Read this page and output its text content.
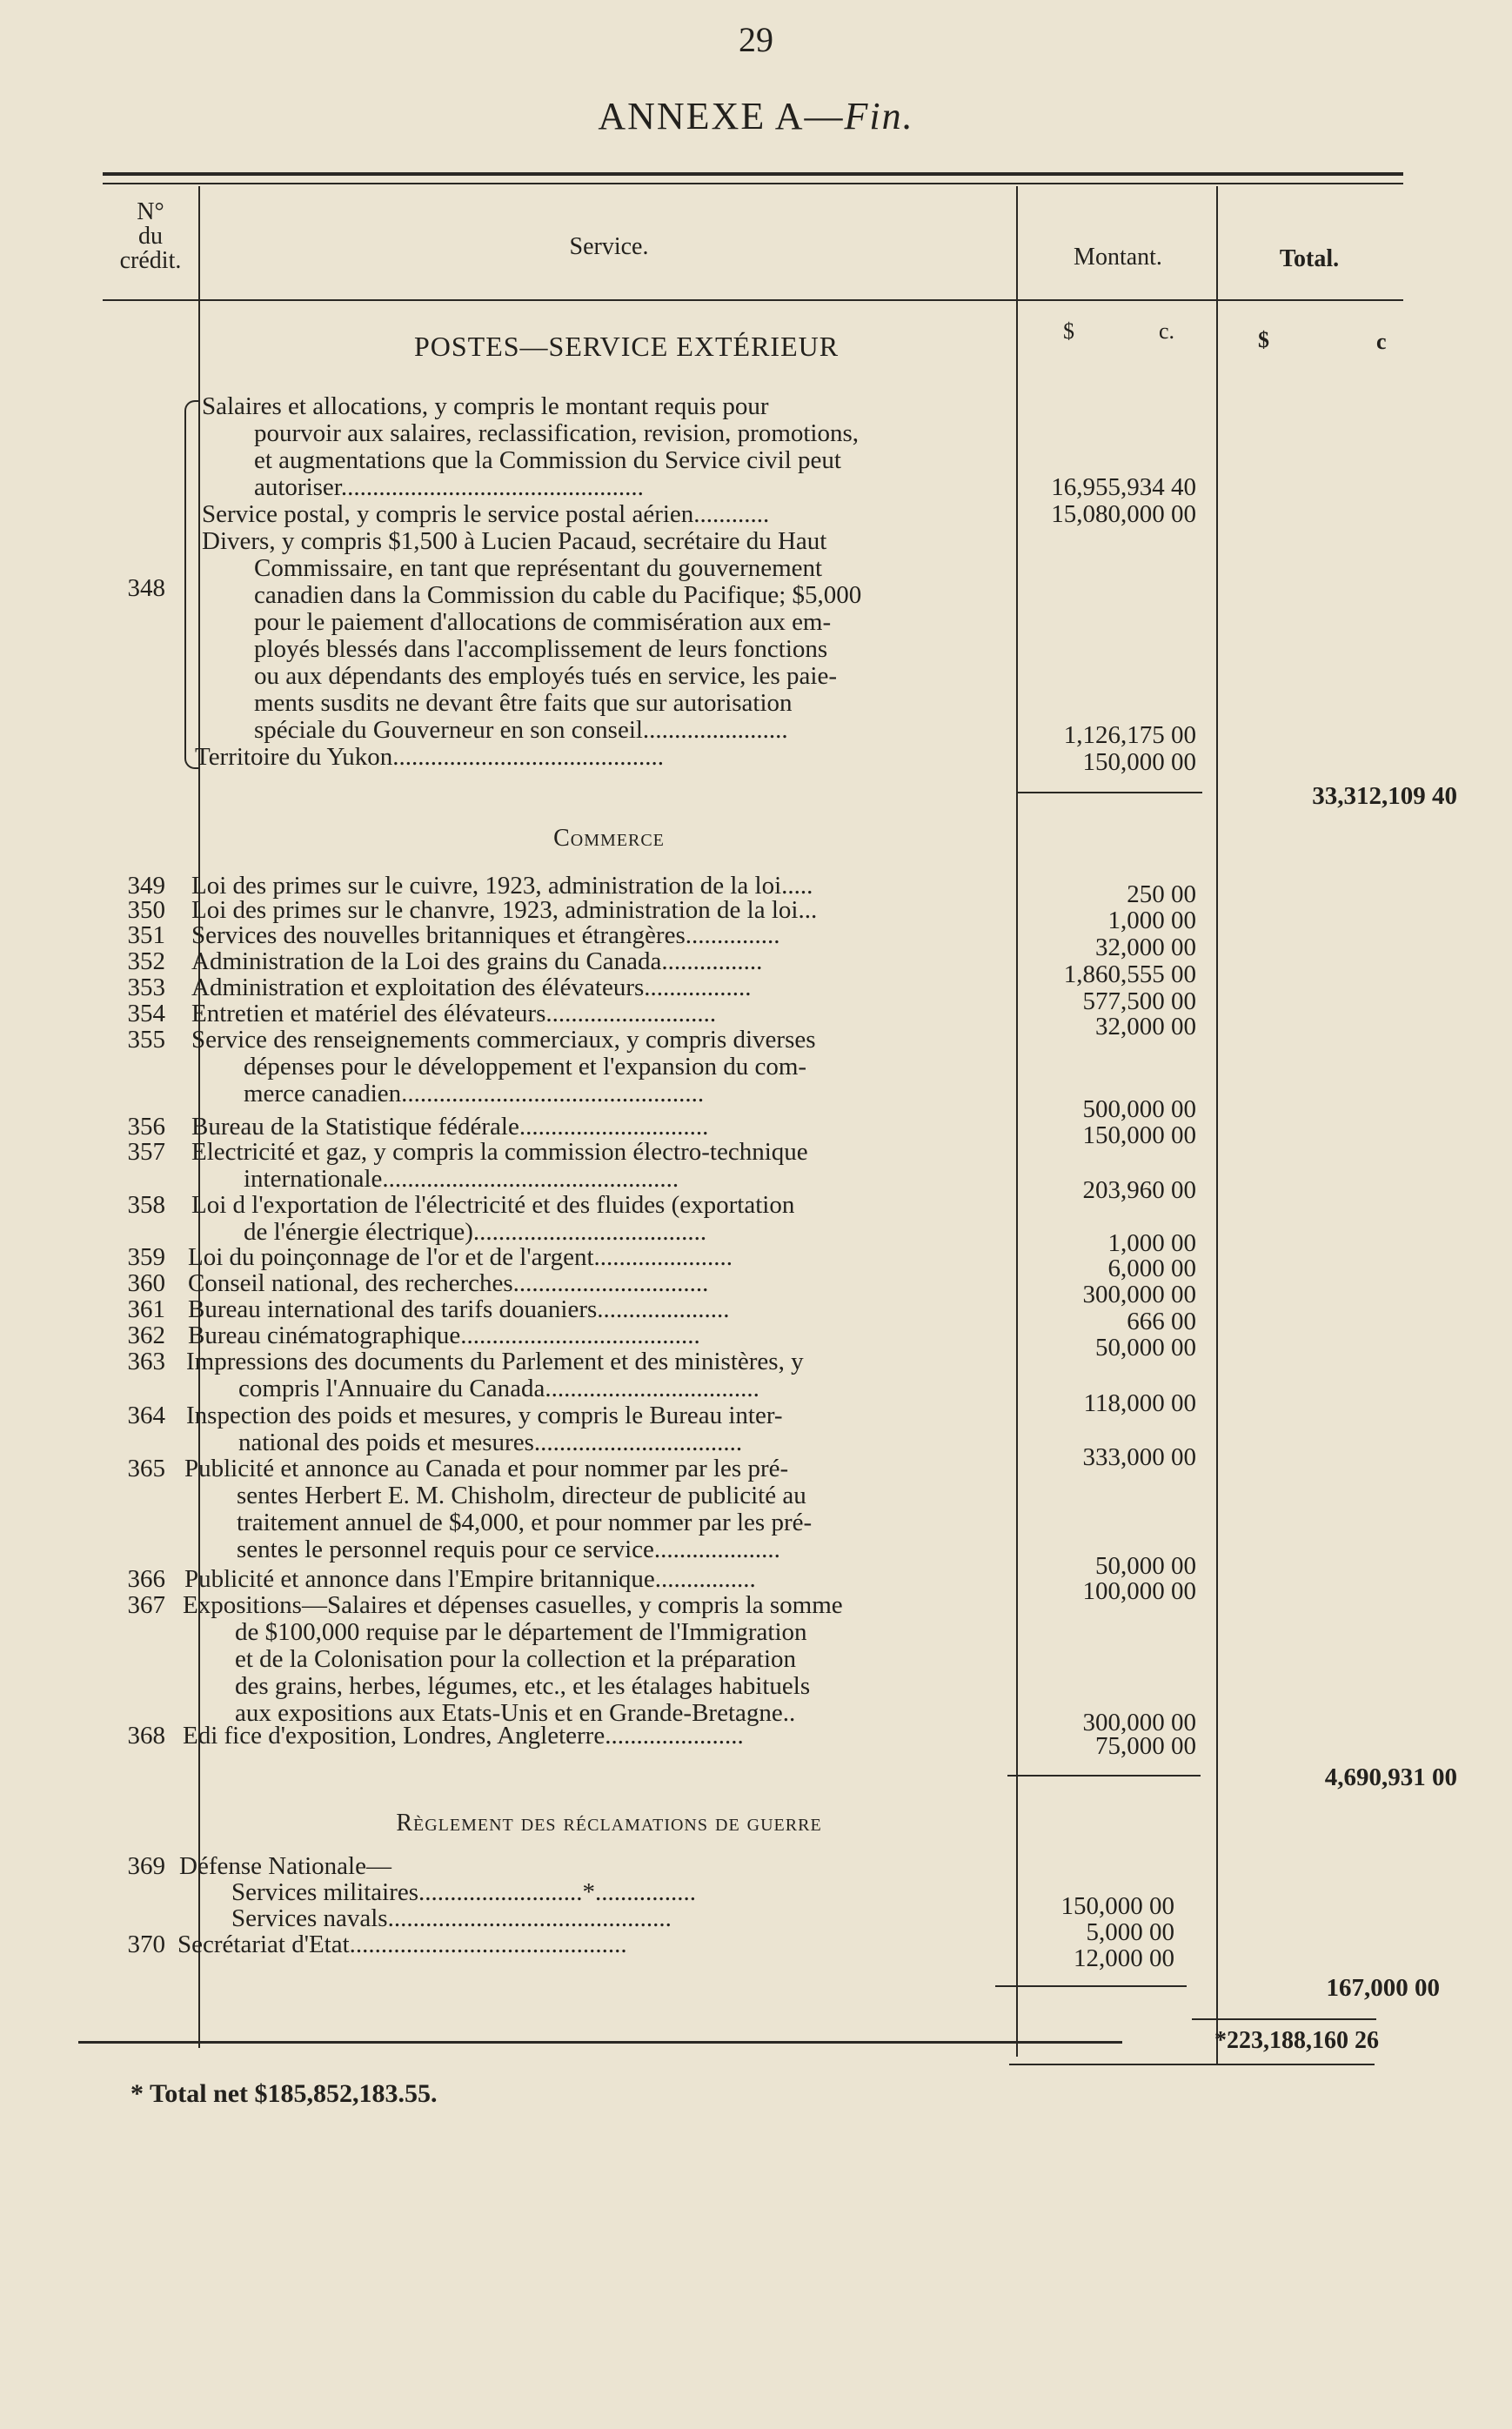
29
ANNEXE A—Fin.
N°
du
crédit.
Service.	Montant.	Total.
$	c.	$	c
POSTES—SERVICE EXTÉRIEUR
348
Salaires et allocations, y compris le montant requis pour
pourvoir aux salaires, reclassification, revision, promotions,
et augmentations que la Commission du Service civil peut
autoriser................................................	16,955,934 40
Service postal, y compris le service postal aérien............	15,080,000 00
Divers, y compris $1,500 à Lucien Pacaud, secrétaire du Haut
Commissaire, en tant que représentant du gouvernement
canadien dans la Commission du cable du Pacifique; $5,000
pour le paiement d'allocations de commisération aux em-
ployés blessés dans l'accomplissement de leurs fonctions
ou aux dépendants des employés tués en service, les paie-
ments susdits ne devant être faits que sur autorisation
spéciale du Gouverneur en son conseil.......................	1,126,175 00
Territoire du Yukon...........................................	150,000 00
33,312,109 40
Commerce
349 Loi des primes sur le cuivre, 1923, administration de la loi.....	250 00
350 Loi des primes sur le chanvre, 1923, administration de la loi...	1,000 00
351 Services des nouvelles britanniques et étrangères...............	32,000 00
352 Administration de la Loi des grains du Canada................	1,860,555 00
353 Administration et exploitation des élévateurs.................	577,500 00
354 Entretien et matériel des élévateurs...........................	32,000 00
355 Service des renseignements commerciaux, y compris diverses
dépenses pour le développement et l'expansion du com-
merce canadien................................................
500,000 00
356 Bureau de la Statistique fédérale..............................	150,000 00
357 Electricité et gaz, y compris la commission électro-technique
internationale...............................................	203,960 00
358 Loi d l'exportation de l'électricité et des fluides (exportation
de l'énergie électrique).....................................	1,000 00
359 Loi du poinçonnage de l'or et de l'argent......................	6,000 00
360 Conseil national, des recherches...............................	300,000 00
361 Bureau international des tarifs douaniers.....................	666 00
362 Bureau cinématographique......................................	50,000 00
363 Impressions des documents du Parlement et des ministères, y
compris l'Annuaire du Canada..................................
118,000 00
364 Inspection des poids et mesures, y compris le Bureau inter-
national des poids et mesures.................................
333,000 00
365 Publicité et annonce au Canada et pour nommer par les pré-
sentes Herbert E. M. Chisholm, directeur de publicité au
traitement annuel de $4,000, et pour nommer par les pré-
sentes le personnel requis pour ce service....................
50,000 00
366 Publicité et annonce dans l'Empire britannique................	100,000 00
367 Expositions—Salaires et dépenses casuelles, y compris la somme
de $100,000 requise par le département de l'Immigration
et de la Colonisation pour la collection et la préparation
des grains, herbes, légumes, etc., et les étalages habituels
aux expositions aux Etats-Unis et en Grande-Bretagne..	300,000 00
368 Edi fice d'exposition, Londres, Angleterre......................	75,000 00
4,690,931 00
Règlement des réclamations de guerre
369 Défense Nationale—
Services militaires..........................*................	150,000 00
Services navals.............................................	5,000 00
370 Secrétariat d'Etat............................................	12,000 00
167,000 00
*223,188,160 26
* Total net $185,852,183.55.
